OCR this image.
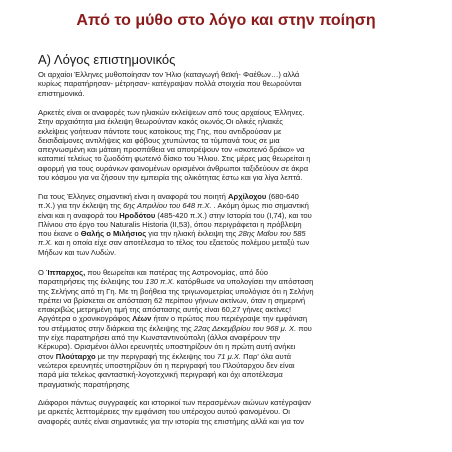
Από το μύθο στο λόγο και στην ποίηση
Α) Λόγος επιστημονικός
Οι αρχαίοι Έλληνες μυθοποίησαν τον Ήλιο (καταγωγή θεϊκή- Φαέθων…) αλλά
κυρίως παρατήρησαν- μέτρησαν- κατέγραψαν πολλά στοιχεία που θεωρούνται
επιστημονικά.
Αρκετές είναι οι αναφορές των ηλιακών εκλείψεων από τους αρχαίους Έλληνες.
Στην αρχαιότητα μια έκλειψη θεωρούνταν κακός οιωνός.Οι ολικές ηλιακές
εκλείψεις γοήτευαν πάντοτε τους κατοίκους της Γης, που αντιδρούσαν με
δεισιδαίμονες αντιλήψεις και φόβους χτυπώντας τα τύμπανά τους σε μια
απεγνωσμένη και μάταιη προσπάθεια να αποτρέψουν τον «σκοτεινό δράκο» να
καταπιεί τελείως το ζωοδότη φωτεινό δίσκο του Ήλιου. Στις μέρες μας θεωρείται η
αφορμή για τους ουράνιων φαινομένων ορισμένοι άνθρωποι ταξιδεύουν σε άκρα
του κόσμου για να ζήσουν την εμπειρία της ολικότητας έστω και για λίγα λεπτά.
Για τους Έλληνες σημαντική είναι η αναφορά του ποιητή Αρχίλοχου (680-640
π.Χ.) για την έκλειψη της 6ης Απριλίου του 648 π.Χ. . Ακόμη όμως πιο σημαντική
είναι και η αναφορά του Ηροδότου (485-420 π.Χ.) στην Ιστορία του (Ι,74), και του
Πλίνιου στο έργο του Naturalis Historia (ΙΙ,53), όπου περιγράφεται η πρόβλεψη
που έκανε ο Θαλής ο Μιλήσιος για την ηλιακή έκλειψη της 28ης Μαΐου του 585
π.Χ. και η οποία είχε σαν αποτέλεσμα το τέλος του εξαετούς πολέμου μεταξύ των
Μήδων και των Λυδών.
Ο Ίππαρχος, που θεωρείται και πατέρας της Αστρονομίας, από δύο
παρατηρήσεις της έκλειψης του 130 π.Χ. κατόρθωσε να υπολογίσει την απόσταση
της Σελήνης από τη Γη. Με τη βοήθεια της τριγωνομετρίας υπολόγισε ότι η Σελήνη
πρέπει να βρίσκεται σε απόσταση 62 περίπου γήινων ακτίνων, όταν η σημερινή
επακριβώς μετρημένη τιμή της απόστασης αυτής είναι 60,27 γήινες ακτίνες!
Αργότερα ο χρονικογράφος Λέων ήταν ο πρώτος που περιέγραψε την εμφάνιση
του στέμματος στην διάρκεια της έκλειψης της 22ας Δεκεμβρίου του 968 μ. Χ. που
την είχε παρατηρήσει από την Κωνσταντινούπολη (άλλοι αναφέρουν την
Κέρκυρα). Ορισμένοι άλλοι ερευνητές υποστηρίζουν ότι η πρώτη αυτή ανήκει
στον Πλούταρχο με την περιγραφή της έκλειψης του 71 μ.Χ. Παρ' όλα αυτά
νεώτεροι ερευνητές υποστηρίζουν ότι η περιγραφή του Πλούταρχου δεν είναι
παρά μία τελείως φανταστική-λογοτεχνική περιγραφή και όχι αποτέλεσμα
πραγματικής παρατήρησης
Διάφοροι πάντως συγγραφείς και ιστορικοί των περασμένων αιώνων κατέγραψαν
με αρκετές λεπτομέρειες την εμφάνιση του υπέροχου αυτού φαινομένου. Οι
αναφορές αυτές είναι σημαντικές για την ιστορία της επιστήμης αλλά και για τον
